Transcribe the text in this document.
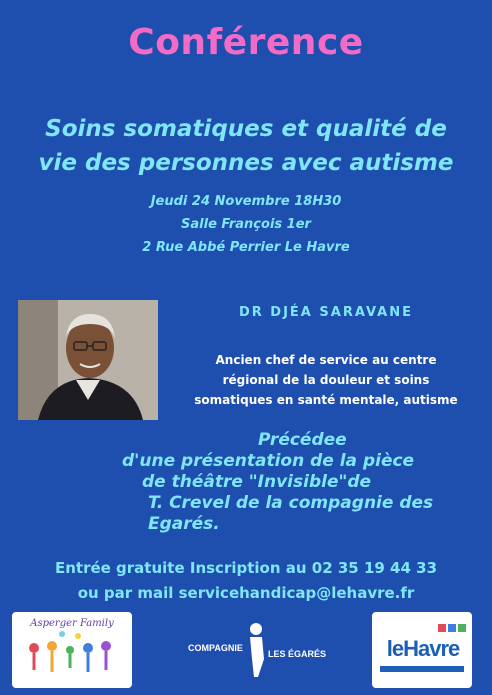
Conférence
Soins somatiques et qualité de
vie des personnes avec autisme
Jeudi 24 Novembre 18H30
Salle François 1er
2 Rue Abbé Perrier Le Havre
DR DJÉA SARAVANE
Ancien chef de service au centre
régional de la douleur et soins
somatiques en santé mentale, autisme
Précédee
d'une présentation de la pièce
de théâtre "Invisible"de
T. Crevel de la compagnie des
Egarés.
Entrée gratuite Inscription au 02 35 19 44 33
ou par mail servicehandicap@lehavre.fr
Asperger Family
COMPAGNIE
LES ÉGARÉS	leHavre
